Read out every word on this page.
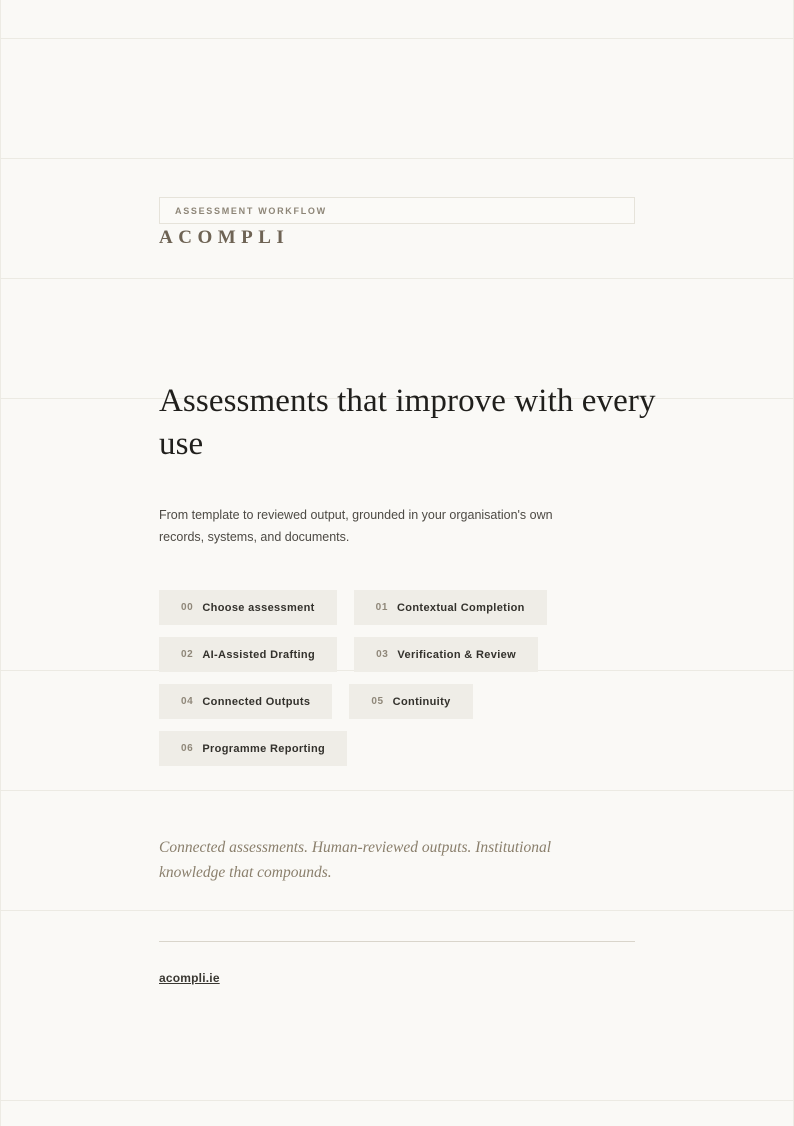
ASSESSMENT WORKFLOW
ACOMPLI
Assessments that improve with every use

From template to reviewed output, grounded in your organisation's own records, systems, and documents.

00 Choose assessment	01 Contextual Completion
02 AI-Assisted Drafting	03 Verification & Review
04 Connected Outputs	05 Continuity
06 Programme Reporting

Connected assessments. Human-reviewed outputs. Institutional knowledge that compounds.

acompli.ie
